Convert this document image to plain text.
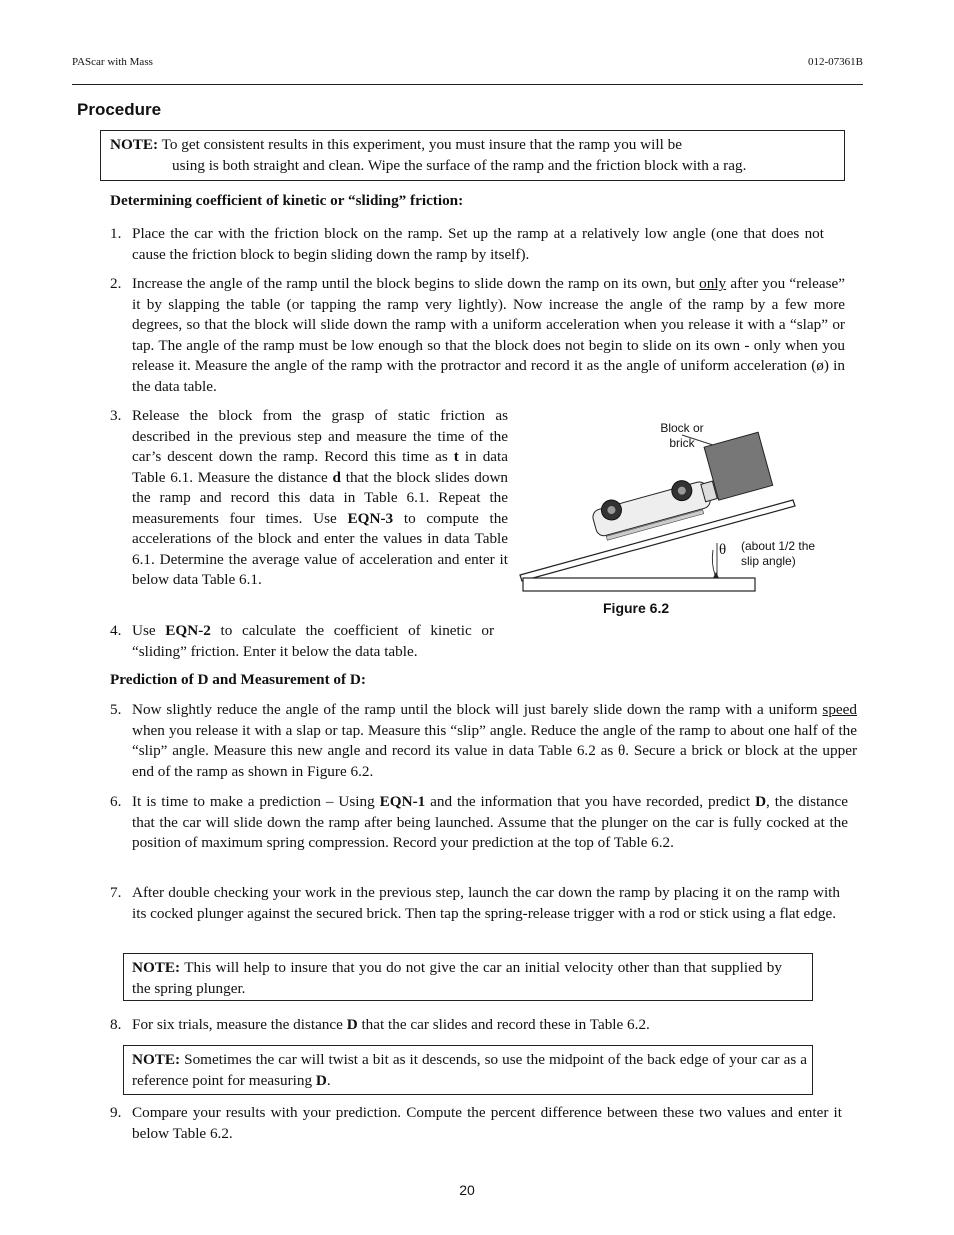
PAScar with Mass	012-07361B
Procedure
NOTE: To get consistent results in this experiment, you must insure that the ramp you will be
using is both straight and clean. Wipe the surface of the ramp and the friction block with a rag.
Determining coefficient of kinetic or “sliding” friction:
1. Place the car with the friction block on the ramp. Set up the ramp at a relatively low angle (one that does not cause the friction block to begin sliding down the ramp by itself).
2. Increase the angle of the ramp until the block begins to slide down the ramp on its own, but only after you “release” it by slapping the table (or tapping the ramp very lightly). Now increase the angle of the ramp by a few more degrees, so that the block will slide down the ramp with a uniform acceleration when you release it with a “slap” or tap. The angle of the ramp must be low enough so that the block does not begin to slide on its own - only when you release it. Measure the angle of the ramp with the protractor and record it as the angle of uniform acceleration (ø) in the data table.
3. Release the block from the grasp of static friction as described in the previous step and measure the time of the car’s descent down the ramp. Record this time as t in data Table 6.1. Measure the distance d that the block slides down the ramp and record this data in Table 6.1. Repeat the measurements four times. Use EQN-3 to compute the accelerations of the block and enter the values in data Table 6.1. Determine the average value of acceleration and enter it below data Table 6.1.
4. Use EQN-2 to calculate the coefficient of kinetic or “sliding” friction. Enter it below the data table.
Block or
brick
θ (about 1/2 the
slip angle)
Figure 6.2
Prediction of D and Measurement of D:
5. Now slightly reduce the angle of the ramp until the block will just barely slide down the ramp with a uniform speed when you release it with a slap or tap. Measure this “slip” angle. Reduce the angle of the ramp to about one half of the “slip” angle. Measure this new angle and record its value in data Table 6.2 as θ. Secure a brick or block at the upper end of the ramp as shown in Figure 6.2.
6. It is time to make a prediction – Using EQN-1 and the information that you have recorded, predict D, the distance that the car will slide down the ramp after being launched. Assume that the plunger on the car is fully cocked at the position of maximum spring compression. Record your prediction at the top of Table 6.2.
7. After double checking your work in the previous step, launch the car down the ramp by placing it on the ramp with its cocked plunger against the secured brick. Then tap the spring-release trigger with a rod or stick using a flat edge.
NOTE: This will help to insure that you do not give the car an initial velocity other than that supplied by the spring plunger.
8. For six trials, measure the distance D that the car slides and record these in Table 6.2.
NOTE: Sometimes the car will twist a bit as it descends, so use the midpoint of the back edge of your car as a reference point for measuring D.
9. Compare your results with your prediction. Compute the percent difference between these two values and enter it below Table 6.2.
20
